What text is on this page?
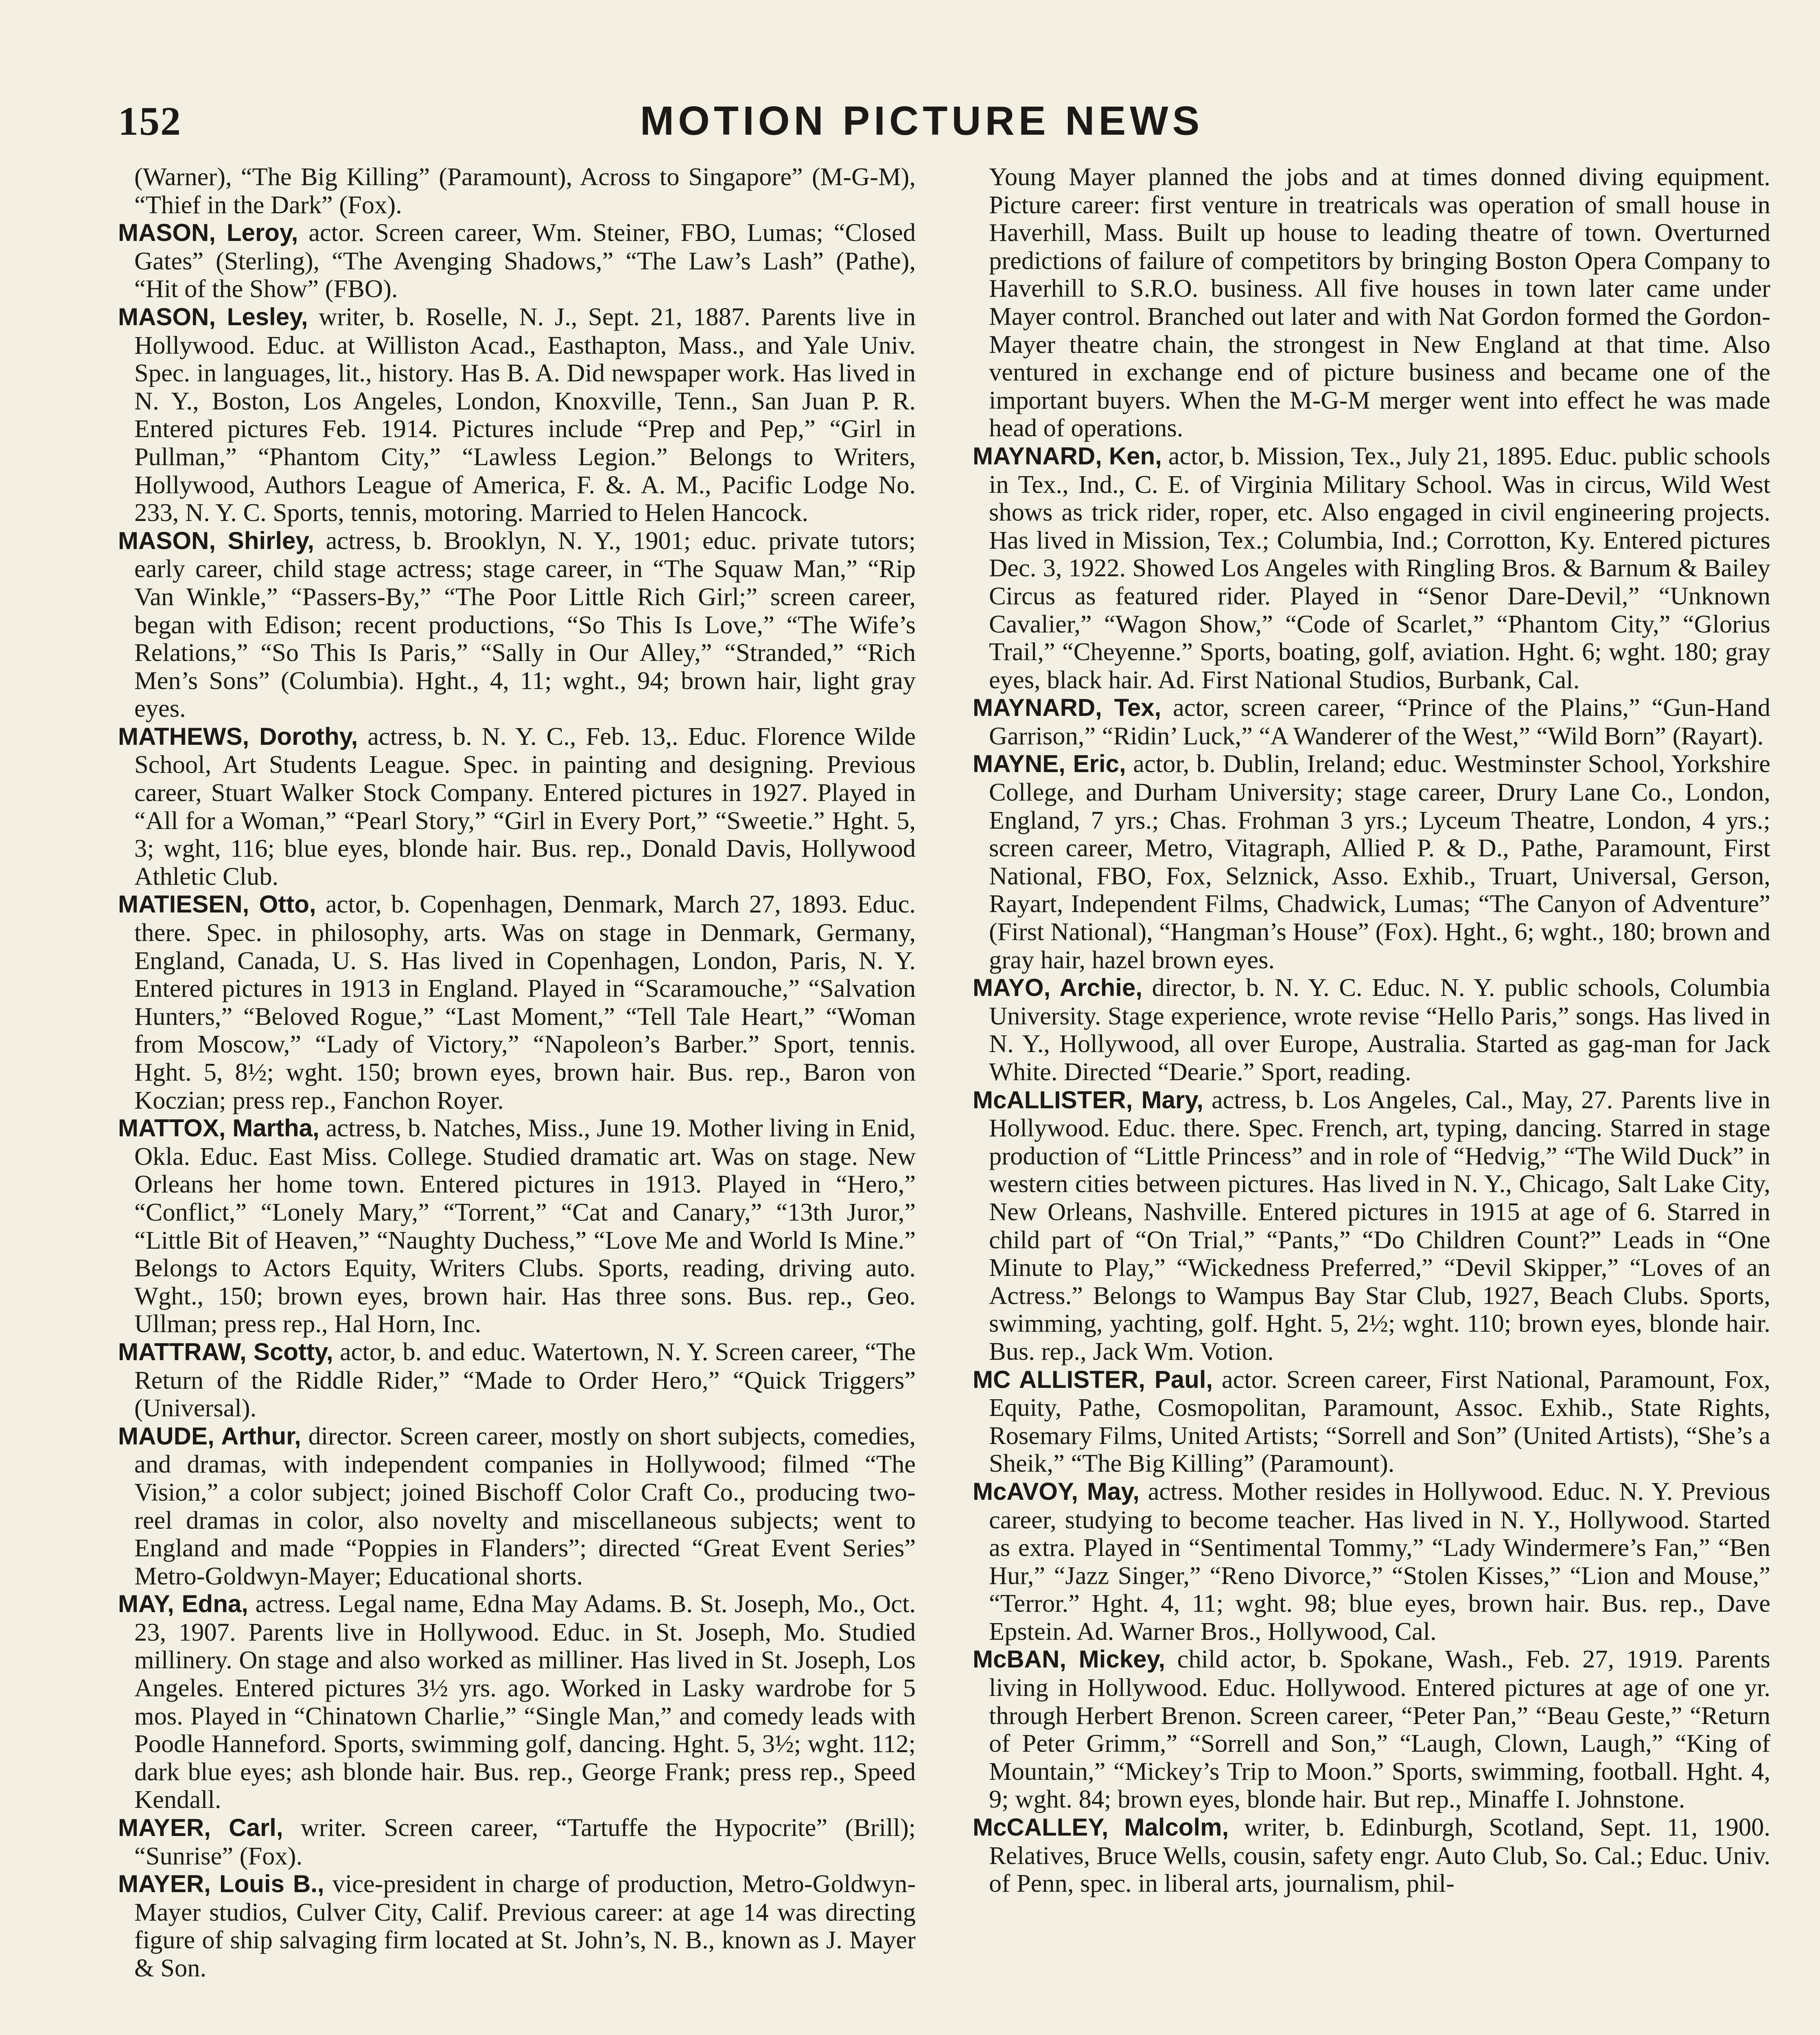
152	MOTION PICTURE NEWS

(Warner), “The Big Killing” (Paramount), Across to Singapore” (M-G-M), “Thief in the Dark” (Fox).

MASON, Leroy, actor. Screen career, Wm. Steiner, FBO, Lumas; “Closed Gates” (Sterling), “The Avenging Shadows,” “The Law’s Lash” (Pathe), “Hit of the Show” (FBO).

MASON, Lesley, writer, b. Roselle, N. J., Sept. 21, 1887. Parents live in Hollywood. Educ. at Williston Acad., Easthapton, Mass., and Yale Univ. Spec. in languages, lit., history. Has B. A. Did newspaper work. Has lived in N. Y., Boston, Los Angeles, London, Knoxville, Tenn., San Juan P. R. Entered pictures Feb. 1914. Pictures include “Prep and Pep,” “Girl in Pullman,” “Phantom City,” “Lawless Legion.” Belongs to Writers, Hollywood, Authors League of America, F. &. A. M., Pacific Lodge No. 233, N. Y. C. Sports, tennis, motoring. Married to Helen Hancock.

MASON, Shirley, actress, b. Brooklyn, N. Y., 1901; educ. private tutors; early career, child stage actress; stage career, in “The Squaw Man,” “Rip Van Winkle,” “Passers-By,” “The Poor Little Rich Girl;” screen career, began with Edison; recent productions, “So This Is Love,” “The Wife’s Relations,” “So This Is Paris,” “Sally in Our Alley,” “Stranded,” “Rich Men’s Sons” (Columbia). Hght., 4, 11; wght., 94; brown hair, light gray eyes.

MATHEWS, Dorothy, actress, b. N. Y. C., Feb. 13,. Educ. Florence Wilde School, Art Students League. Spec. in painting and designing. Previous career, Stuart Walker Stock Company. Entered pictures in 1927. Played in “All for a Woman,” “Pearl Story,” “Girl in Every Port,” “Sweetie.” Hght. 5, 3; wght, 116; blue eyes, blonde hair. Bus. rep., Donald Davis, Hollywood Athletic Club.

MATIESEN, Otto, actor, b. Copenhagen, Denmark, March 27, 1893. Educ. there. Spec. in philosophy, arts. Was on stage in Denmark, Germany, England, Canada, U. S. Has lived in Copenhagen, London, Paris, N. Y. Entered pictures in 1913 in England. Played in “Scaramouche,” “Salvation Hunters,” “Beloved Rogue,” “Last Moment,” “Tell Tale Heart,” “Woman from Moscow,” “Lady of Victory,” “Napoleon’s Barber.” Sport, tennis. Hght. 5, 8½; wght. 150; brown eyes, brown hair. Bus. rep., Baron von Koczian; press rep., Fanchon Royer.

MATTOX, Martha, actress, b. Natches, Miss., June 19. Mother living in Enid, Okla. Educ. East Miss. College. Studied dramatic art. Was on stage. New Orleans her home town. Entered pictures in 1913. Played in “Hero,” “Conflict,” “Lonely Mary,” “Torrent,” “Cat and Canary,” “13th Juror,” “Little Bit of Heaven,” “Naughty Duchess,” “Love Me and World Is Mine.” Belongs to Actors Equity, Writers Clubs. Sports, reading, driving auto. Wght., 150; brown eyes, brown hair. Has three sons. Bus. rep., Geo. Ullman; press rep., Hal Horn, Inc.

MATTRAW, Scotty, actor, b. and educ. Watertown, N. Y. Screen career, “The Return of the Riddle Rider,” “Made to Order Hero,” “Quick Triggers” (Universal).

MAUDE, Arthur, director. Screen career, mostly on short subjects, comedies, and dramas, with independent companies in Hollywood; filmed “The Vision,” a color subject; joined Bischoff Color Craft Co., producing two-reel dramas in color, also novelty and miscellaneous subjects; went to England and made “Poppies in Flanders”; directed “Great Event Series” Metro-Goldwyn-Mayer; Educational shorts.

MAY, Edna, actress. Legal name, Edna May Adams. B. St. Joseph, Mo., Oct. 23, 1907. Parents live in Hollywood. Educ. in St. Joseph, Mo. Studied millinery. On stage and also worked as milliner. Has lived in St. Joseph, Los Angeles. Entered pictures 3½ yrs. ago. Worked in Lasky wardrobe for 5 mos. Played in “Chinatown Charlie,” “Single Man,” and comedy leads with Poodle Hanneford. Sports, swimming golf, dancing. Hght. 5, 3½; wght. 112; dark blue eyes; ash blonde hair. Bus. rep., George Frank; press rep., Speed Kendall.

MAYER, Carl, writer. Screen career, “Tartuffe the Hypocrite” (Brill); “Sunrise” (Fox).

MAYER, Louis B., vice-president in charge of production, Metro-Goldwyn-Mayer studios, Culver City, Calif. Previous career: at age 14 was directing figure of ship salvaging firm located at St. John’s, N. B., known as J. Mayer & Son.

Young Mayer planned the jobs and at times donned diving equipment. Picture career: first venture in treatricals was operation of small house in Haverhill, Mass. Built up house to leading theatre of town. Overturned predictions of failure of competitors by bringing Boston Opera Company to Haverhill to S.R.O. business. All five houses in town later came under Mayer control. Branched out later and with Nat Gordon formed the Gordon-Mayer theatre chain, the strongest in New England at that time. Also ventured in exchange end of picture business and became one of the important buyers. When the M-G-M merger went into effect he was made head of operations.

MAYNARD, Ken, actor, b. Mission, Tex., July 21, 1895. Educ. public schools in Tex., Ind., C. E. of Virginia Military School. Was in circus, Wild West shows as trick rider, roper, etc. Also engaged in civil engineering projects. Has lived in Mission, Tex.; Columbia, Ind.; Corrotton, Ky. Entered pictures Dec. 3, 1922. Showed Los Angeles with Ringling Bros. & Barnum & Bailey Circus as featured rider. Played in “Senor Dare-Devil,” “Unknown Cavalier,” “Wagon Show,” “Code of Scarlet,” “Phantom City,” “Glorius Trail,” “Cheyenne.” Sports, boating, golf, aviation. Hght. 6; wght. 180; gray eyes, black hair. Ad. First National Studios, Burbank, Cal.

MAYNARD, Tex, actor, screen career, “Prince of the Plains,” “Gun-Hand Garrison,” “Ridin’ Luck,” “A Wanderer of the West,” “Wild Born” (Rayart).

MAYNE, Eric, actor, b. Dublin, Ireland; educ. Westminster School, Yorkshire College, and Durham University; stage career, Drury Lane Co., London, England, 7 yrs.; Chas. Frohman 3 yrs.; Lyceum Theatre, London, 4 yrs.; screen career, Metro, Vitagraph, Allied P. & D., Pathe, Paramount, First National, FBO, Fox, Selznick, Asso. Exhib., Truart, Universal, Gerson, Rayart, Independent Films, Chadwick, Lumas; “The Canyon of Adventure” (First National), “Hangman’s House” (Fox). Hght., 6; wght., 180; brown and gray hair, hazel brown eyes.

MAYO, Archie, director, b. N. Y. C. Educ. N. Y. public schools, Columbia University. Stage experience, wrote revise “Hello Paris,” songs. Has lived in N. Y., Hollywood, all over Europe, Australia. Started as gag-man for Jack White. Directed “Dearie.” Sport, reading.

McALLISTER, Mary, actress, b. Los Angeles, Cal., May, 27. Parents live in Hollywood. Educ. there. Spec. French, art, typing, dancing. Starred in stage production of “Little Princess” and in role of “Hedvig,” “The Wild Duck” in western cities between pictures. Has lived in N. Y., Chicago, Salt Lake City, New Orleans, Nashville. Entered pictures in 1915 at age of 6. Starred in child part of “On Trial,” “Pants,” “Do Children Count?” Leads in “One Minute to Play,” “Wickedness Preferred,” “Devil Skipper,” “Loves of an Actress.” Belongs to Wampus Bay Star Club, 1927, Beach Clubs. Sports, swimming, yachting, golf. Hght. 5, 2½; wght. 110; brown eyes, blonde hair. Bus. rep., Jack Wm. Votion.

MC ALLISTER, Paul, actor. Screen career, First National, Paramount, Fox, Equity, Pathe, Cosmopolitan, Paramount, Assoc. Exhib., State Rights, Rosemary Films, United Artists; “Sorrell and Son” (United Artists), “She’s a Sheik,” “The Big Killing” (Paramount).

McAVOY, May, actress. Mother resides in Hollywood. Educ. N. Y. Previous career, studying to become teacher. Has lived in N. Y., Hollywood. Started as extra. Played in “Sentimental Tommy,” “Lady Windermere’s Fan,” “Ben Hur,” “Jazz Singer,” “Reno Divorce,” “Stolen Kisses,” “Lion and Mouse,” “Terror.” Hght. 4, 11; wght. 98; blue eyes, brown hair. Bus. rep., Dave Epstein. Ad. Warner Bros., Hollywood, Cal.

McBAN, Mickey, child actor, b. Spokane, Wash., Feb. 27, 1919. Parents living in Hollywood. Educ. Hollywood. Entered pictures at age of one yr. through Herbert Brenon. Screen career, “Peter Pan,” “Beau Geste,” “Return of Peter Grimm,” “Sorrell and Son,” “Laugh, Clown, Laugh,” “King of Mountain,” “Mickey’s Trip to Moon.” Sports, swimming, football. Hght. 4, 9; wght. 84; brown eyes, blonde hair. But rep., Minaffe I. Johnstone.

McCALLEY, Malcolm, writer, b. Edinburgh, Scotland, Sept. 11, 1900. Relatives, Bruce Wells, cousin, safety engr. Auto Club, So. Cal.; Educ. Univ. of Penn, spec. in liberal arts, journalism, phil-
